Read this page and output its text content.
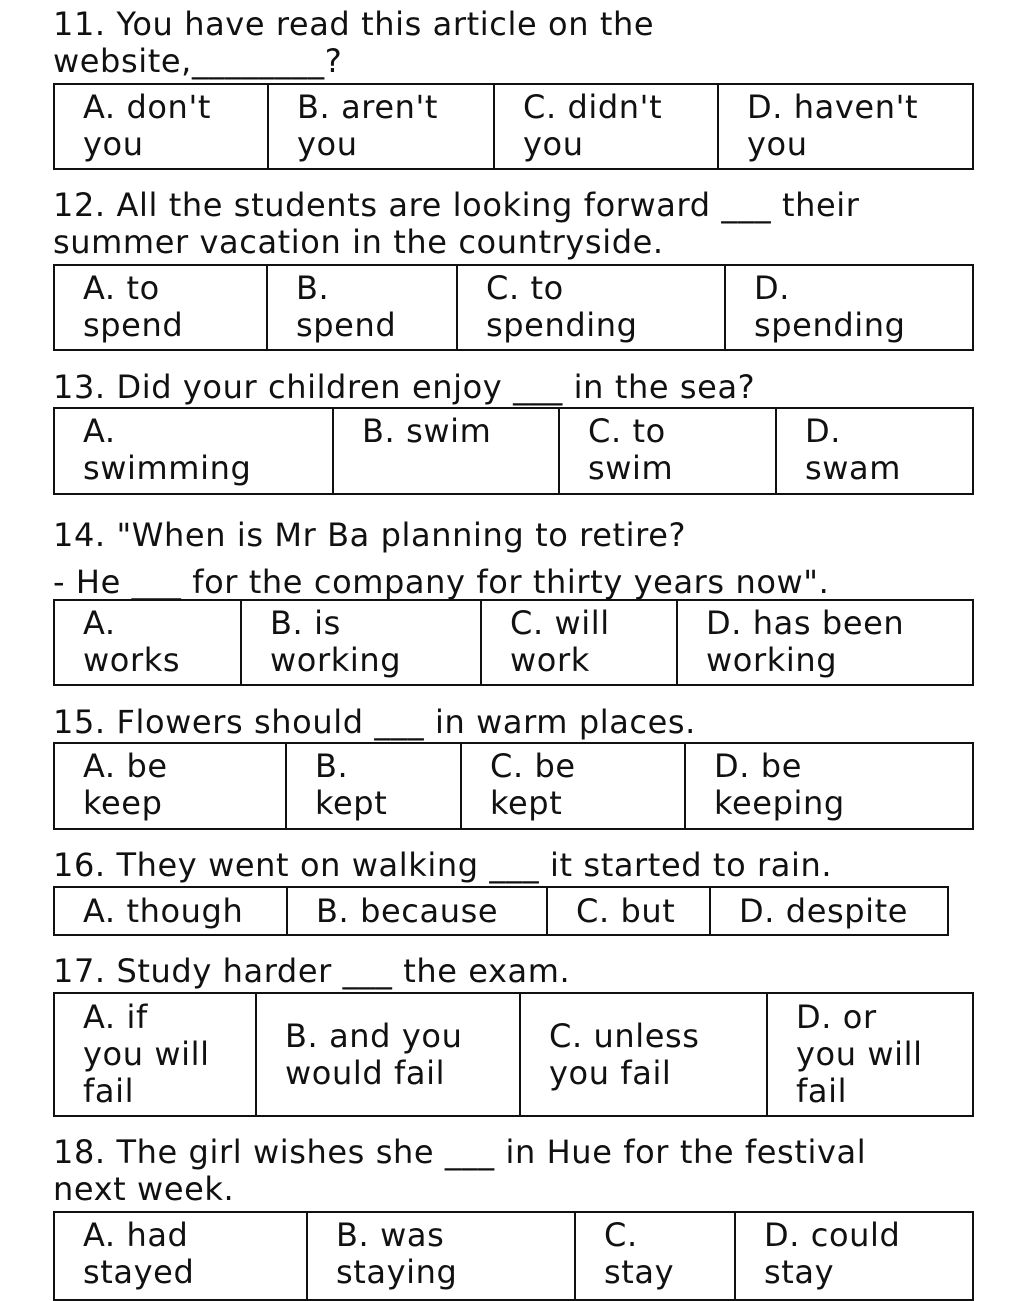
11. You have read this article on the
website,________?
A. don't
you	B. aren't
you	C. didn't
you	D. haven't
you
12. All the students are looking forward ___ their
summer vacation in the countryside.
A. to
spend	B.
spend	C. to
spending	D.
spending
13. Did your children enjoy ___ in the sea?
A.
swimming	B. swim	C. to
swim	D.
swam
14. "When is Mr Ba planning to retire?
- He ___ for the company for thirty years now".
A.
works	B. is
working	C. will
work	D. has been
working
15. Flowers should ___ in warm places.
A. be
keep	B.
kept	C. be
kept	D. be
keeping
16. They went on walking ___ it started to rain.
A. though	B. because	C. but	D. despite
17. Study harder ___ the exam.
A. if
you will
fail	B. and you
would fail	C. unless
you fail	D. or
you will
fail
18. The girl wishes she ___ in Hue for the festival
next week.
A. had
stayed	B. was
staying	C.
stay	D. could
stay
